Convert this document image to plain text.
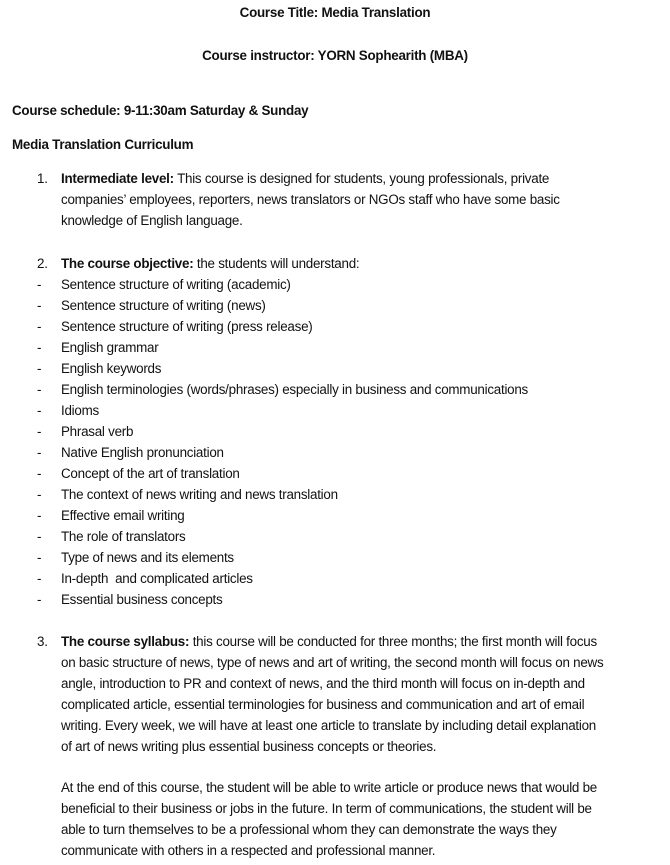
Course Title: Media Translation
Course instructor: YORN Sophearith (MBA)
Course schedule: 9-11:30am Saturday & Sunday
Media Translation Curriculum
1. Intermediate level: This course is designed for students, young professionals, private
companies’ employees, reporters, news translators or NGOs staff who have some basic
knowledge of English language.
2. The course objective: the students will understand:
- Sentence structure of writing (academic)
- Sentence structure of writing (news)
- Sentence structure of writing (press release)
- English grammar
- English keywords
- English terminologies (words/phrases) especially in business and communications
- Idioms
- Phrasal verb
- Native English pronunciation
- Concept of the art of translation
- The context of news writing and news translation
- Effective email writing
- The role of translators
- Type of news and its elements
- In-depth  and complicated articles
- Essential business concepts
3. The course syllabus: this course will be conducted for three months; the first month will focus
on basic structure of news, type of news and art of writing, the second month will focus on news
angle, introduction to PR and context of news, and the third month will focus on in-depth and
complicated article, essential terminologies for business and communication and art of email
writing. Every week, we will have at least one article to translate by including detail explanation
of art of news writing plus essential business concepts or theories.
At the end of this course, the student will be able to write article or produce news that would be
beneficial to their business or jobs in the future. In term of communications, the student will be
able to turn themselves to be a professional whom they can demonstrate the ways they
communicate with others in a respected and professional manner.
